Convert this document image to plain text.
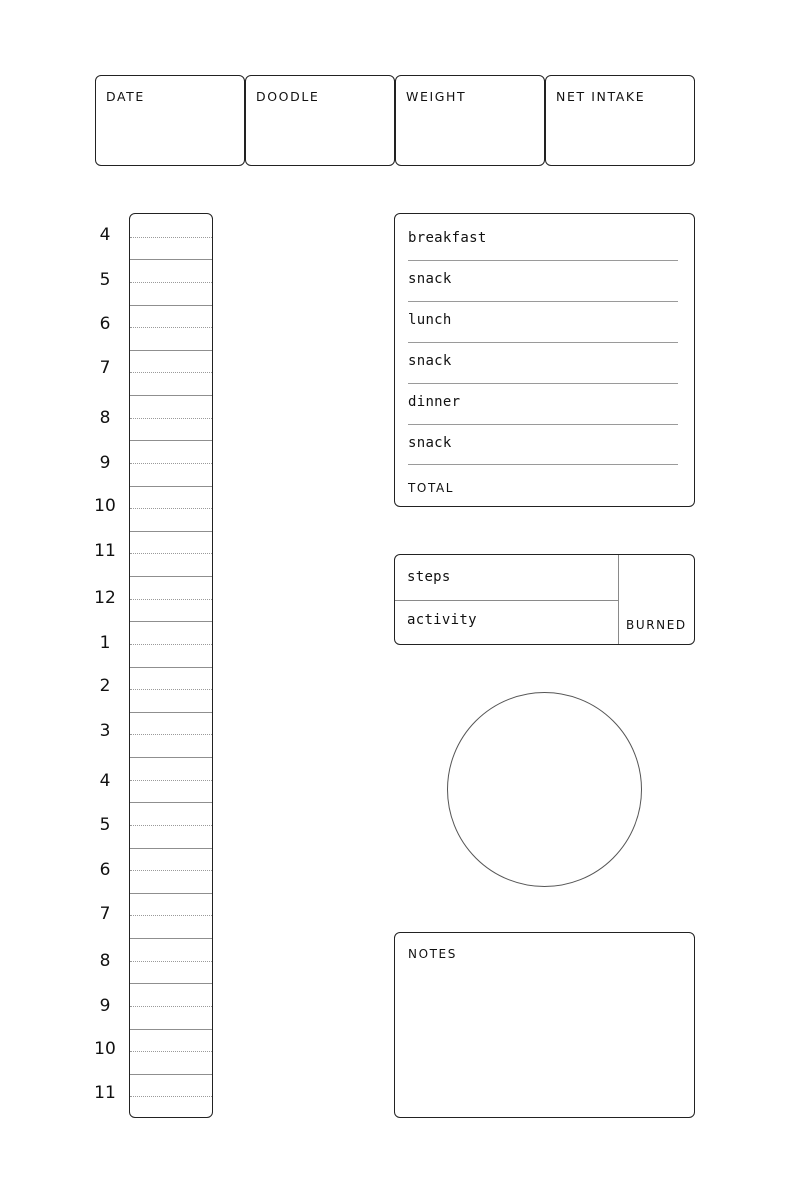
DATE	DOODLE	WEIGHT	NET INTAKE
4
5
6
7
8
9
10
11
12
1
2
3
4
5
6
7
8
9
10
11
breakfast
snack
lunch
snack
dinner
snack
TOTAL
steps
activity	BURNED
NOTES
